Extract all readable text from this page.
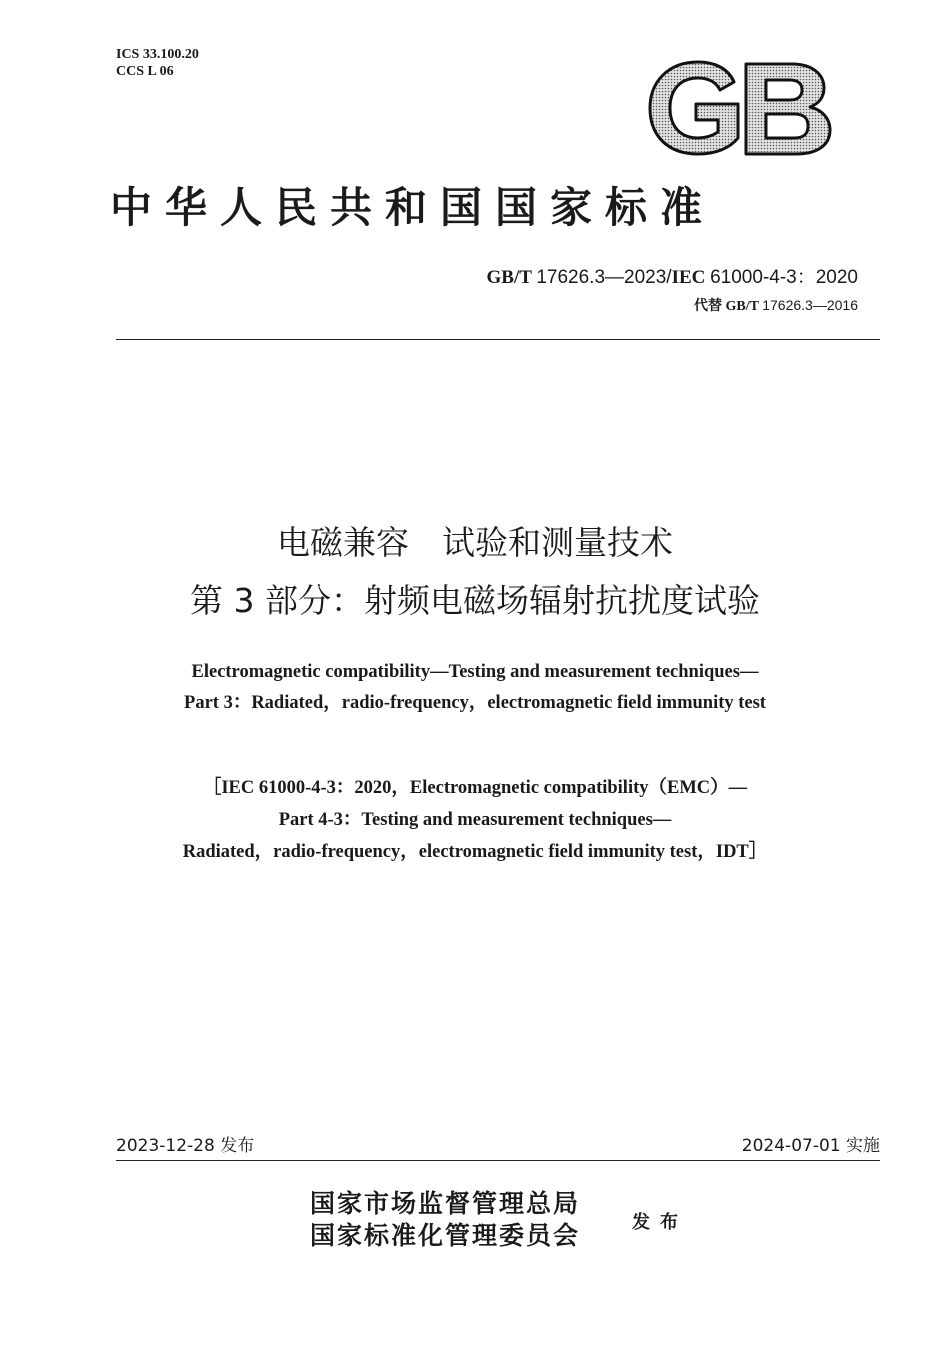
ICS 33.100.20
CCS L 06
GB
中华人民共和国国家标准
GB/T 17626.3—2023/IEC 61000-4-3：2020
代替 GB/T 17626.3—2016
电磁兼容　试验和测量技术
第 3 部分：射频电磁场辐射抗扰度试验
Electromagnetic compatibility—Testing and measurement techniques—
Part 3：Radiated，radio-frequency，electromagnetic field immunity test
［IEC 61000-4-3：2020，Electromagnetic compatibility（EMC）—
Part 4-3：Testing and measurement techniques—
Radiated，radio-frequency，electromagnetic field immunity test，IDT］
2023-12-28 发布	2024-07-01 实施
国家市场监督管理总局
国家标准化管理委员会	发布
